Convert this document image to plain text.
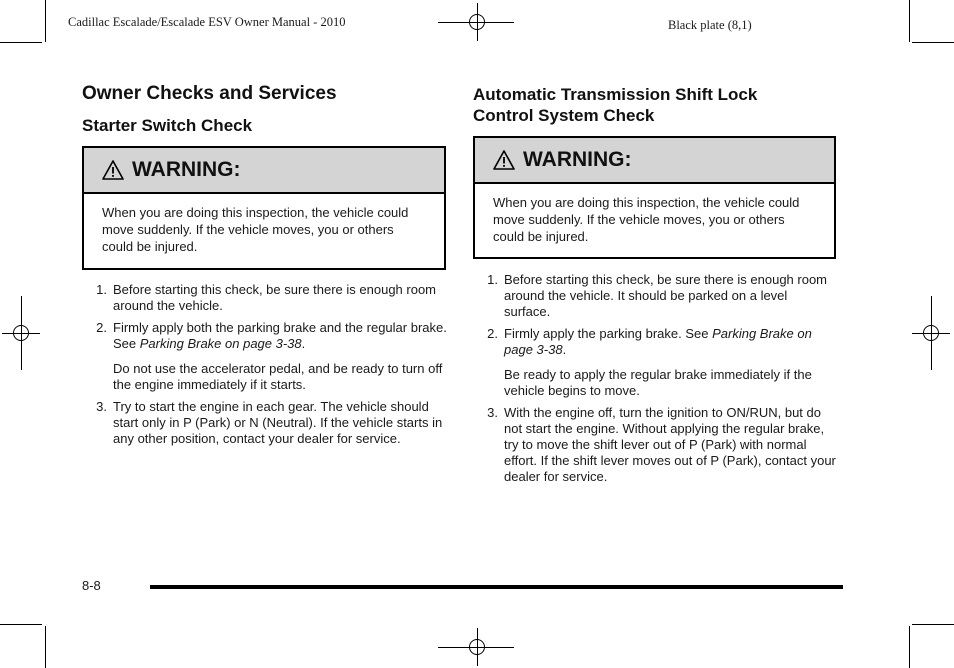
Cadillac Escalade/Escalade ESV Owner Manual - 2010	Black plate (8,1)
Owner Checks and Services
Starter Switch Check
WARNING:
When you are doing this inspection, the vehicle could move suddenly. If the vehicle moves, you or others could be injured.
1. Before starting this check, be sure there is enough room around the vehicle.

2. Firmly apply both the parking brake and the regular brake. See Parking Brake on page 3-38.

Do not use the accelerator pedal, and be ready to turn off the engine immediately if it starts.

3. Try to start the engine in each gear. The vehicle should start only in P (Park) or N (Neutral). If the vehicle starts in any other position, contact your dealer for service.

Automatic Transmission Shift Lock
Control System Check
WARNING:
When you are doing this inspection, the vehicle could move suddenly. If the vehicle moves, you or others could be injured.
1. Before starting this check, be sure there is enough room around the vehicle. It should be parked on a level surface.

2. Firmly apply the parking brake. See Parking Brake on page 3-38.

Be ready to apply the regular brake immediately if the vehicle begins to move.

3. With the engine off, turn the ignition to ON/RUN, but do not start the engine. Without applying the regular brake, try to move the shift lever out of P (Park) with normal effort. If the shift lever moves out of P (Park), contact your dealer for service.

8-8
